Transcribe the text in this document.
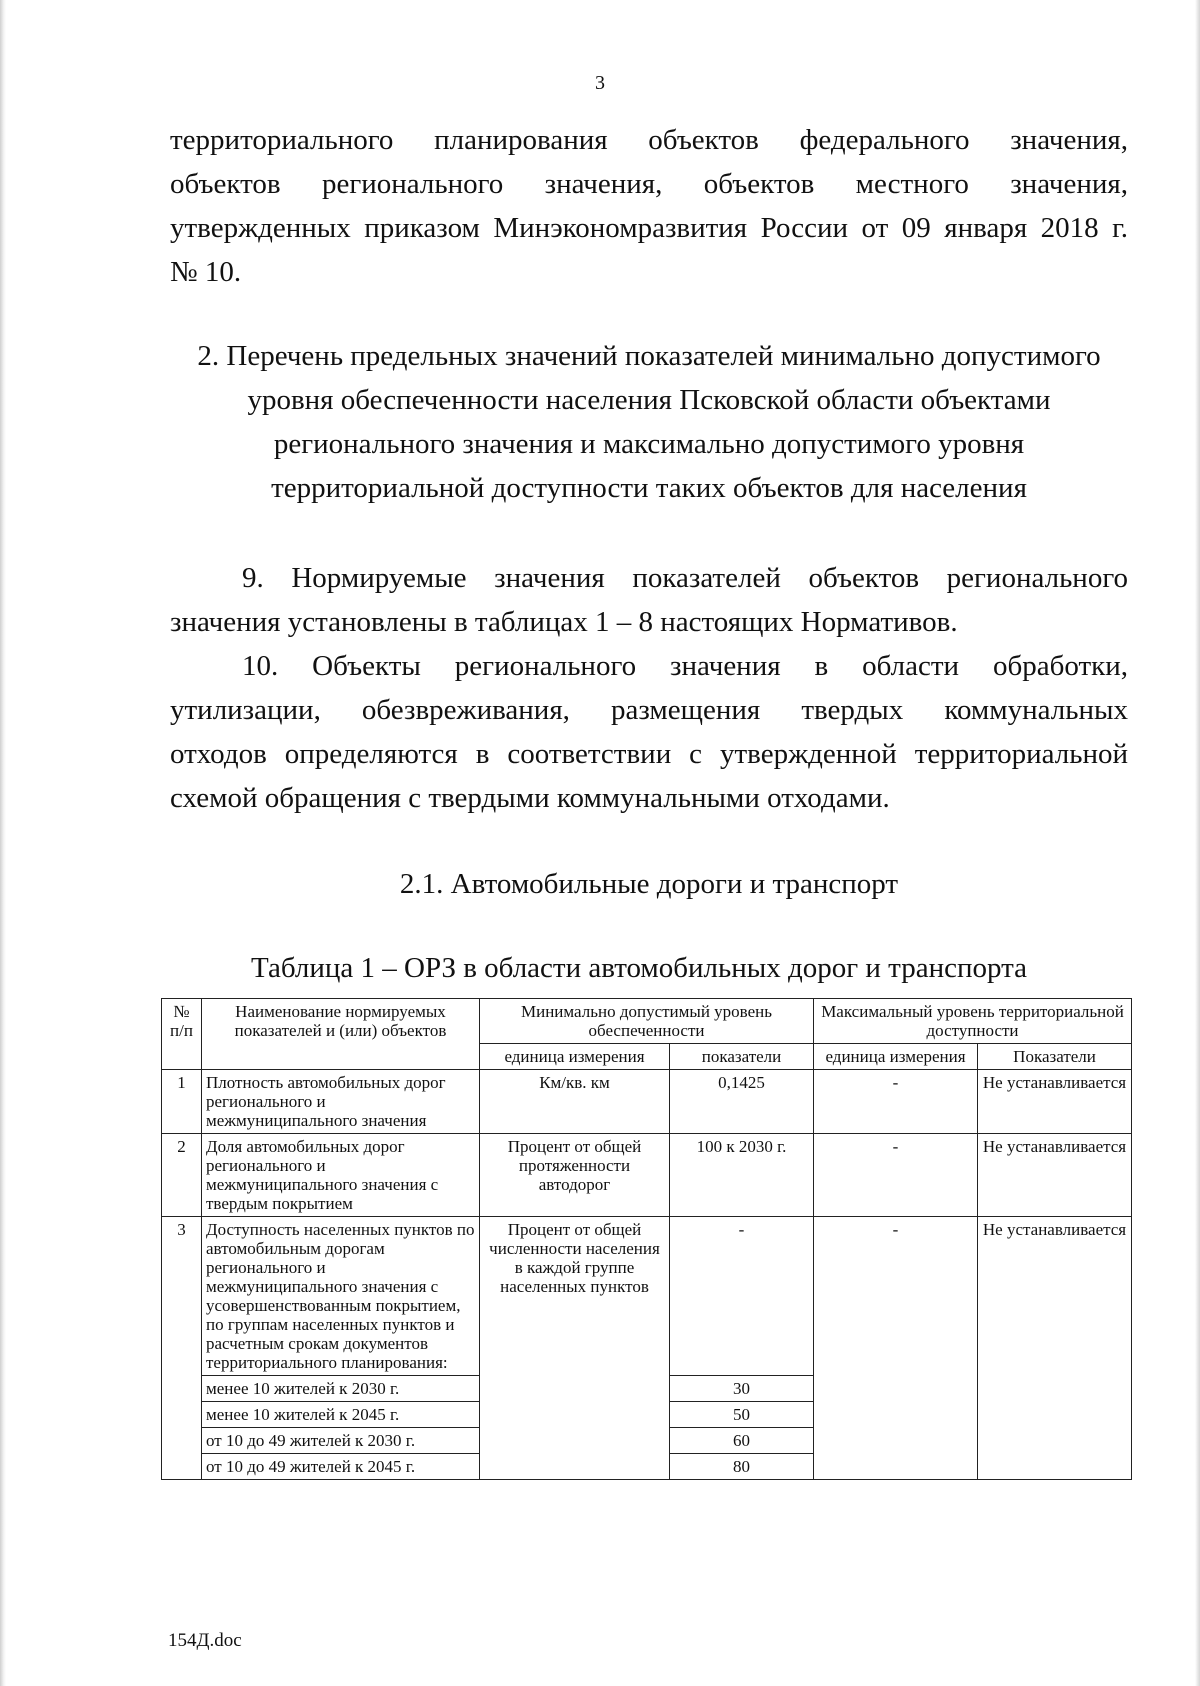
3
территориального планирования объектов федерального значения,
объектов регионального значения, объектов местного значения,
утвержденных приказом Минэкономразвития России от 09 января 2018 г.
№ 10.
2. Перечень предельных значений показателей минимально допустимого
уровня обеспеченности населения Псковской области объектами
регионального значения и максимально допустимого уровня
территориальной доступности таких объектов для населения
9. Нормируемые значения показателей объектов регионального
значения установлены в таблицах 1 – 8 настоящих Нормативов.
10. Объекты регионального значения в области обработки,
утилизации, обезвреживания, размещения твердых коммунальных
отходов определяются в соответствии с утвержденной территориальной
схемой обращения с твердыми коммунальными отходами.
2.1. Автомобильные дороги и транспорт
Таблица 1 – ОРЗ в области автомобильных дорог и транспорта
№ п/п	Наименование нормируемых показателей и (или) объектов	Минимально допустимый уровень обеспеченности		Максимальный уровень территориальной доступности	
		единица измерения	показатели	единица измерения	Показатели
1	Плотность автомобильных дорог регионального и межмуниципального значения	Км/кв. км	0,1425	-	Не устанавливается
2	Доля автомобильных дорог регионального и межмуниципального значения с твердым покрытием	Процент от общей протяженности автодорог	100 к 2030 г.	-	Не устанавливается
3	Доступность населенных пунктов по автомобильным дорогам регионального и межмуниципального значения с усовершенствованным покрытием, по группам населенных пунктов и расчетным срокам документов территориального планирования:	Процент от общей численности населения в каждой группе населенных пунктов	-	-	Не устанавливается
	менее 10 жителей к 2030 г.		30		
	менее 10 жителей к 2045 г.		50		
	от 10 до 49 жителей к 2030 г.		60		
	от 10 до 49 жителей к 2045 г.		80		
154Д.doc
